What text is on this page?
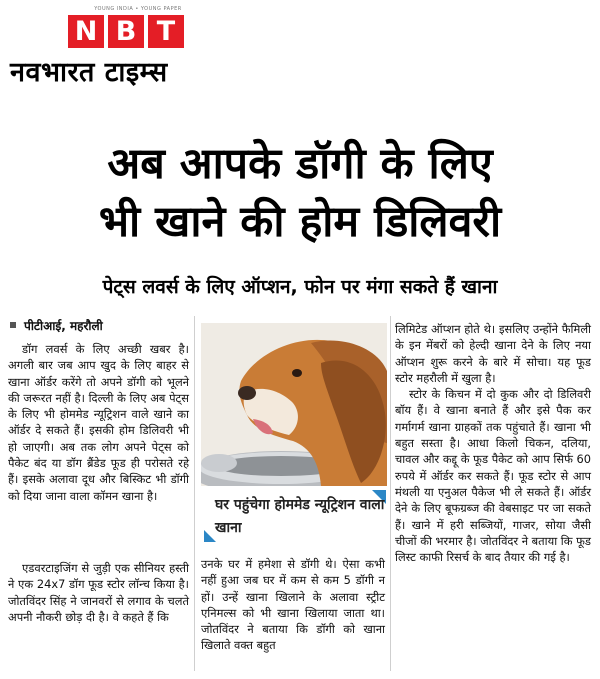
YOUNG INDIA • YOUNG PAPER
N B T
नवभारत टाइम्स
अब आपके डॉगी के लिए
भी खाने की होम डिलिवरी
पेट्स लवर्स के लिए ऑप्शन, फोन पर मंगा सकते हैं खाना
पीटीआई, महरौली

डॉग लवर्स के लिए अच्छी खबर है। अगली बार जब आप खुद के लिए बाहर से खाना ऑर्डर करेंगे तो अपने डॉगी को भूलने की जरूरत नहीं है। दिल्ली के लिए अब पेट्स के लिए भी होममेड न्यूट्रिशन वाले खाने का ऑर्डर दे सकते हैं। इसकी होम डिलिवरी भी हो जाएगी। अब तक लोग अपने पेट्स को पैकेट बंद या डॉग ब्रैंडेड फूड ही परोसते रहे हैं। इसके अलावा दूध और बिस्किट भी डॉगी को दिया जाना वाला कॉमन खाना है।

एडवरटाइजिंग से जुड़ी एक सीनियर हस्ती ने एक 24x7 डॉग फूड स्टोर लॉन्च किया है। जोतविंदर सिंह ने जानवरों से लगाव के चलते अपनी नौकरी छोड़ दी है। वे कहते हैं कि

घर पहुंचेगा होममेड न्यूट्रिशन वाला खाना

उनके घर में हमेशा से डॉगी थे। ऐसा कभी नहीं हुआ जब घर में कम से कम 5 डॉगी न हों। उन्हें खाना खिलाने के अलावा स्ट्रीट एनिमल्स को भी खाना खिलाया जाता था। जोतविंदर ने बताया कि डॉगी को खाना खिलाते वक्त बहुत

लिमिटेड ऑप्शन होते थे। इसलिए उन्होंने फैमिली के इन मेंबरों को हेल्दी खाना देने के लिए नया ऑप्शन शुरू करने के बारे में सोचा। यह फूड स्टोर महरौली में खुला है।

स्टोर के किचन में दो कुक और दो डिलिवरी बॉय हैं। वे खाना बनाते हैं और इसे पैक कर गर्मागर्म खाना ग्राहकों तक पहुंचाते हैं। खाना भी बहुत सस्ता है। आधा किलो चिकन, दलिया, चावल और कद्दू के फूड पैकेट को आप सिर्फ 60 रुपये में ऑर्डर कर सकते हैं। फूड स्टोर से आप मंथली या एनुअल पैकेज भी ले सकते हैं। ऑर्डर देने के लिए बूफग्रब्ज की वेबसाइट पर जा सकते हैं। खाने में हरी सब्जियों, गाजर, सोया जैसी चीजों की भरमार है। जोतविंदर ने बताया कि फूड लिस्ट काफी रिसर्च के बाद तैयार की गई है।
